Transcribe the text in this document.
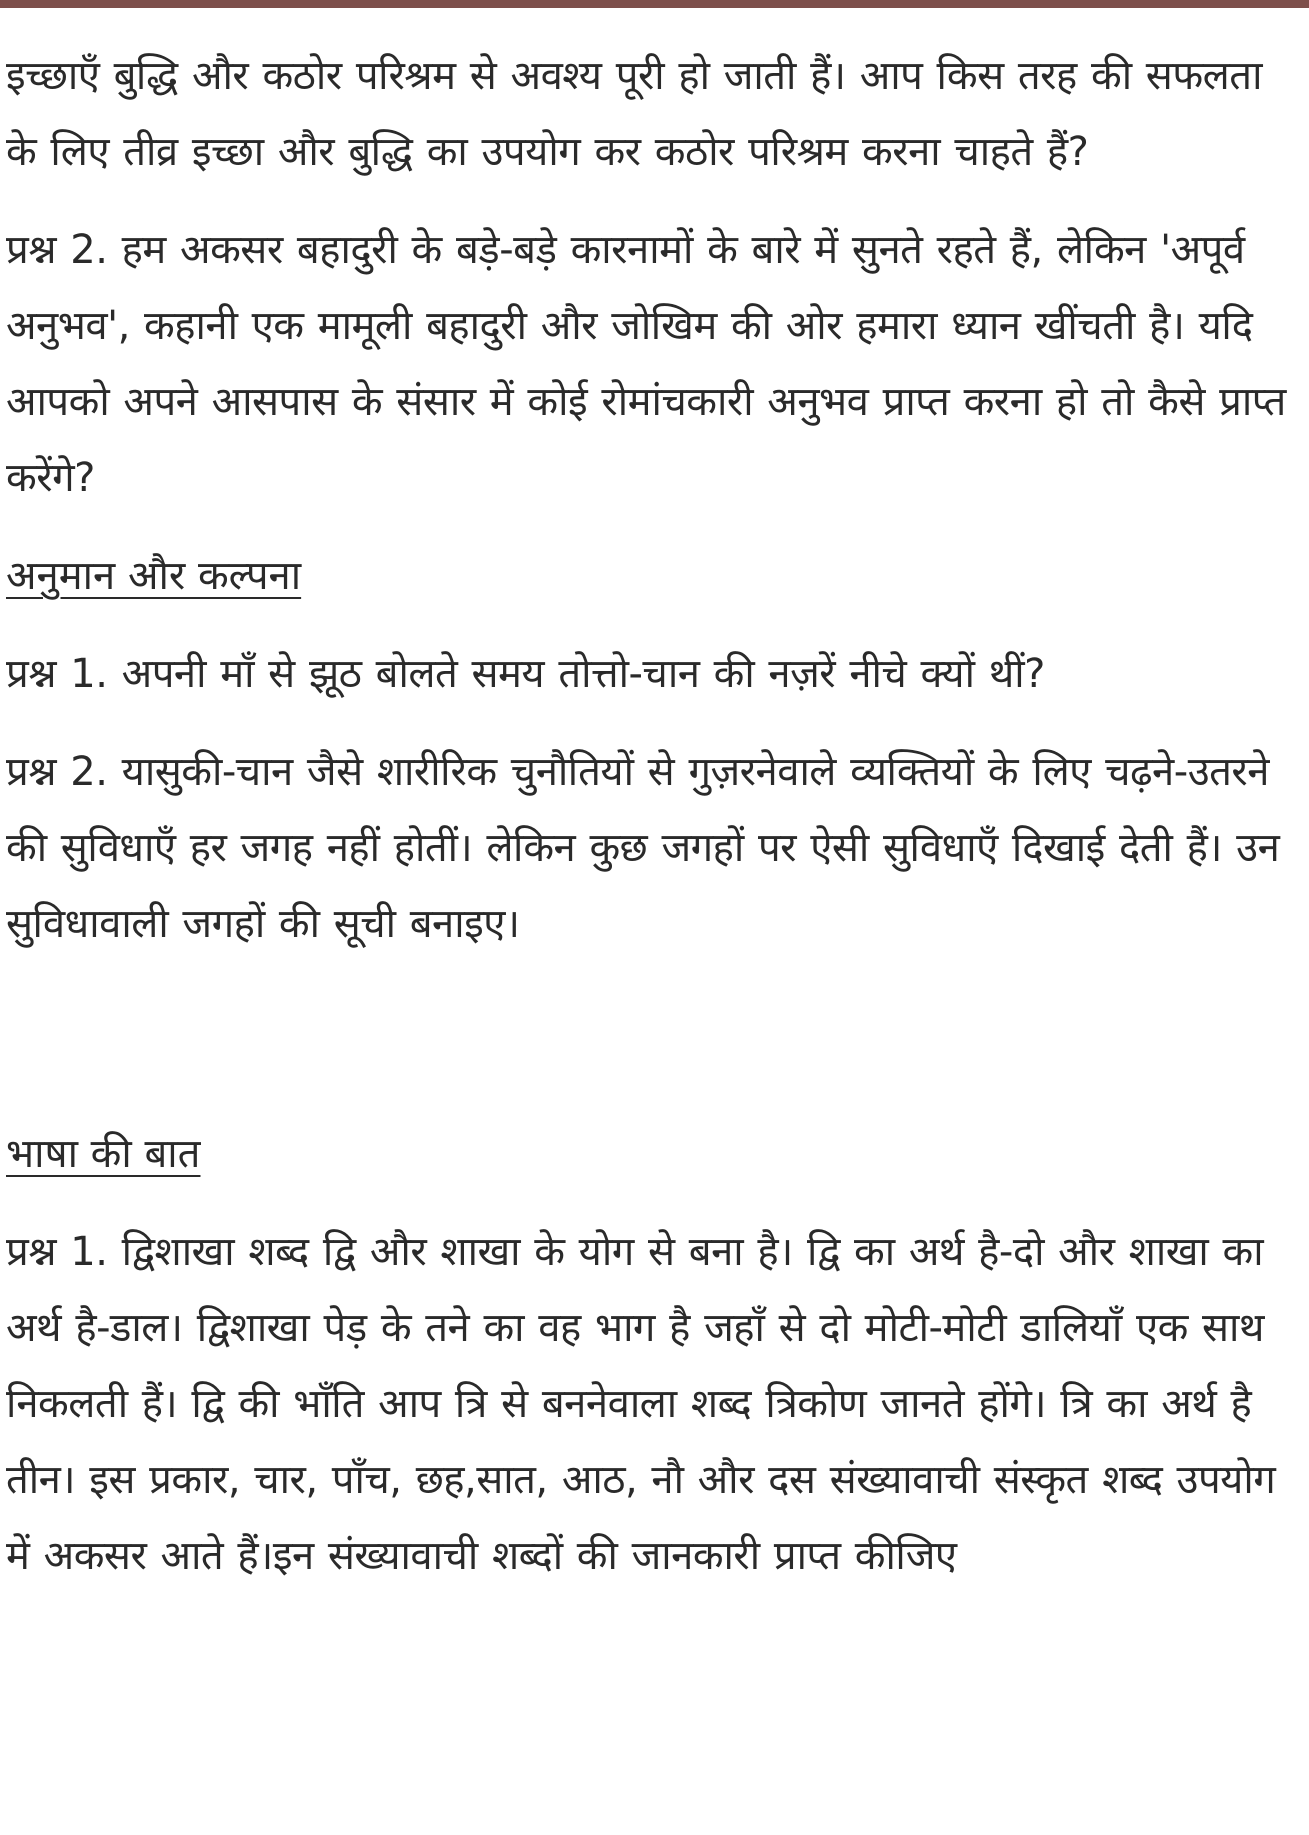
इच्छाएँ बुद्धि और कठोर परिश्रम से अवश्य पूरी हो जाती हैं। आप किस तरह की सफलता के लिए तीव्र इच्छा और बुद्धि का उपयोग कर कठोर परिश्रम करना चाहते हैं?

प्रश्न 2. हम अकसर बहादुरी के बड़े-बड़े कारनामों के बारे में सुनते रहते हैं, लेकिन 'अपूर्व अनुभव', कहानी एक मामूली बहादुरी और जोखिम की ओर हमारा ध्यान खींचती है। यदि आपको अपने आसपास के संसार में कोई रोमांचकारी अनुभव प्राप्त करना हो तो कैसे प्राप्त करेंगे?

अनुमान और कल्पना

प्रश्न 1. अपनी माँ से झूठ बोलते समय तोत्तो-चान की नज़रें नीचे क्यों थीं?

प्रश्न 2. यासुकी-चान जैसे शारीरिक चुनौतियों से गुज़रनेवाले व्यक्तियों के लिए चढ़ने-उतरने की सुविधाएँ हर जगह नहीं होतीं। लेकिन कुछ जगहों पर ऐसी सुविधाएँ दिखाई देती हैं। उन सुविधावाली जगहों की सूची बनाइए।

भाषा की बात

प्रश्न 1. द्विशाखा शब्द द्वि और शाखा के योग से बना है। द्वि का अर्थ है-दो और शाखा का अर्थ है-डाल। द्विशाखा पेड़ के तने का वह भाग है जहाँ से दो मोटी-मोटी डालियाँ एक साथ निकलती हैं। द्वि की भाँति आप त्रि से बननेवाला शब्द त्रिकोण जानते होंगे। त्रि का अर्थ है तीन। इस प्रकार, चार, पाँच, छह,सात, आठ, नौ और दस संख्यावाची संस्कृत शब्द उपयोग में अकसर आते हैं।इन संख्यावाची शब्दों की जानकारी प्राप्त कीजिए
